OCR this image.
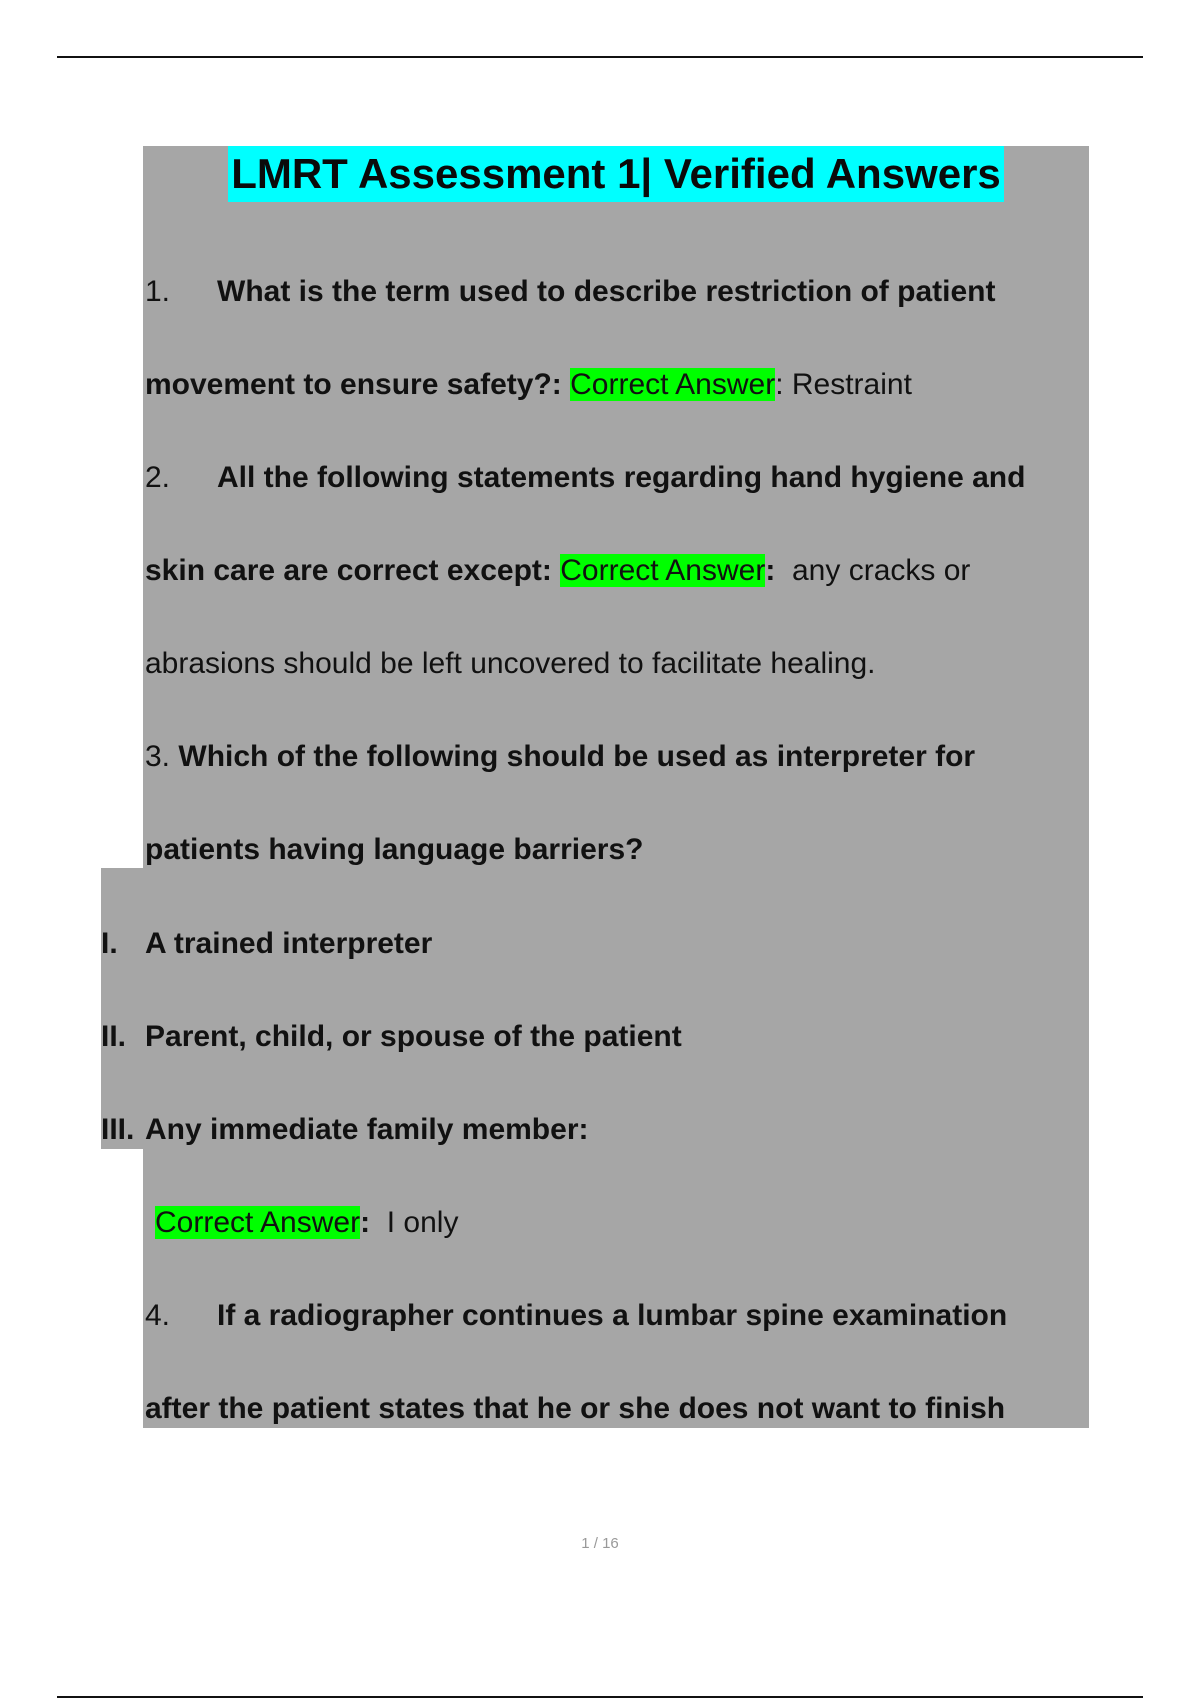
LMRT Assessment 1| Verified Answers
1. What is the term used to describe restriction of patient
movement to ensure safety?: Correct Answer: Restraint
2. All the following statements regarding hand hygiene and
skin care are correct except: Correct Answer:  any cracks or
abrasions should be left uncovered to facilitate healing.
3. Which of the following should be used as interpreter for
patients having language barriers?
I. A trained interpreter
II. Parent, child, or spouse of the patient
III. Any immediate family member:
Correct Answer:  I only
4. If a radiographer continues a lumbar spine examination
after the patient states that he or she does not want to finish
1 / 16
